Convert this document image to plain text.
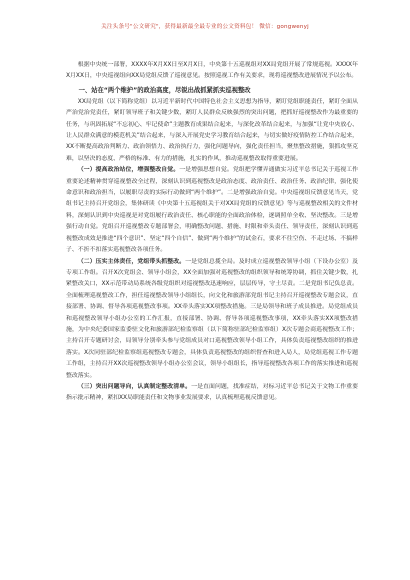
关注头条号"公文研究"，获得最新最全最专业的公文资料包！ 微信：gongwenyj

根据中央统一部署，XXXX年X月XX日至X月X日，中央第十五巡视组对XX局党组开展了常规巡视。XXXX年X月XX日，中央巡视组向XX局党组反馈了巡视意见。按照巡视工作有关要求，现将巡视整改进展情况予以公布。

一、站在“两个维护”的政治高度，尽锐出战抓紧抓实巡视整改

XX局党组（以下简称党组）以习近平新时代中国特色社会主义思想为指导，紧盯党组职能责任，紧盯全面从严治党治党责任，紧盯领导班子和关键少数，紧盯人民群众反映强烈的突出问题，把抓好巡视整改作为最重要的任务，与巩固拓展“不忘初心、牢记使命”主题教育成果结合起来，与深化改革结合起来，与加强“让党中央放心、让人民群众满意的模范机关”结合起来，与深入开展党史学习教育结合起来，与切实做好疫情防控工作结合起来，XX不断提高政治判断力、政治领悟力、政治执行力，强化问题导向，强化责任担当，聚焦整改措施，狠抓攻坚克难，以坚决的态度、严格的标准、有力的措施，扎实的作风，推动巡视整改取得重要进展。

（一）提高政治站位，增强整改自觉。一是增强思想自觉。党组把学懂弄通做实习近平总书记关于巡视工作重要论述精神贯穿巡视整改全过程，深刻认识到巡视整改是政治态度、政治责任、政治任务、政治纪律，强化使命意识和政治担当，以履职尽责的实际行动做到“两个维护”。二是增强政治自觉。中央巡视组反馈意见当天，党组书记主持召开党组会，集体研读《中央第十五巡视组关于对XX局党组的反馈意见》等与巡视整改相关的文件材料，深刻认识到中央巡视是对党组履行政治责任、核心职能的全面政治体检，逐调照单全收、坚决整改。三是增强行动自觉。党组召开巡视整改专题部署会，明确整改问题、措施、时限和牵头责任、领导责任，深刻认识到巡视整改成效是推进“四个意识”、坚定“四个自信”、做到“两个维护”的试金石，要求不往空伤、不走过场、不搞样子、不折不扣落实巡视整改各项任务。

（二）压实主体责任，党组带头抓整改。一是党组总揽全局。及时成立巡视整改领导小组（下设办公室）及专项工作组。召开X次党组会、领导小组会，XX全面加强对巡视整改的组织领导和统筹协调，抓住关键少数，扎紧整改关口，XX示范带动局系统各级党组织对巡视整改迅速响应，层层传导，守土尽责。二是党组书记负总责。全面梳理巡视整改工作，担任巡视整改领导小组组长，向文化和旅游部党组书记主持召开巡视整改专题会议，直接部署、协调、督导各项巡视整改事项。XX牵头落实XX项整改措施。三是局领导和班子成员推进。局党组成员和巡视整改领导小组办公室的工作汇报，直接部署、协调、督导各项巡视整改事项，XX牵头落实XX项整改措施，为中央纪委国家监委驻文化和旅游部纪检监察组（以下简称驻部纪检监察组）X次专题会商巡视整改工作；主持召开专题研讨会，局领导分别牵头参与党组成员对口巡视整改领导小组工作，具体负责巡视整改组织的推进落实。X次同驻部纪检监察组巡视整改专题会，具体负责巡视整改的组织督查和进入局人，局党组巡视工作专题工作组，主持召开XX次巡视整改领导小组办公室会议，领导小组组长，指导巡视整改各项工作的落实推进和巡视整改落实。

（三）突出问题导向，认真制定整改清单。一是直面问题，找准症结，对标习近平总书记关于文物工作重要指示批示精神，紧扣XX局职能责任和文物事业发展要求，认真梳理巡视反馈意见。
